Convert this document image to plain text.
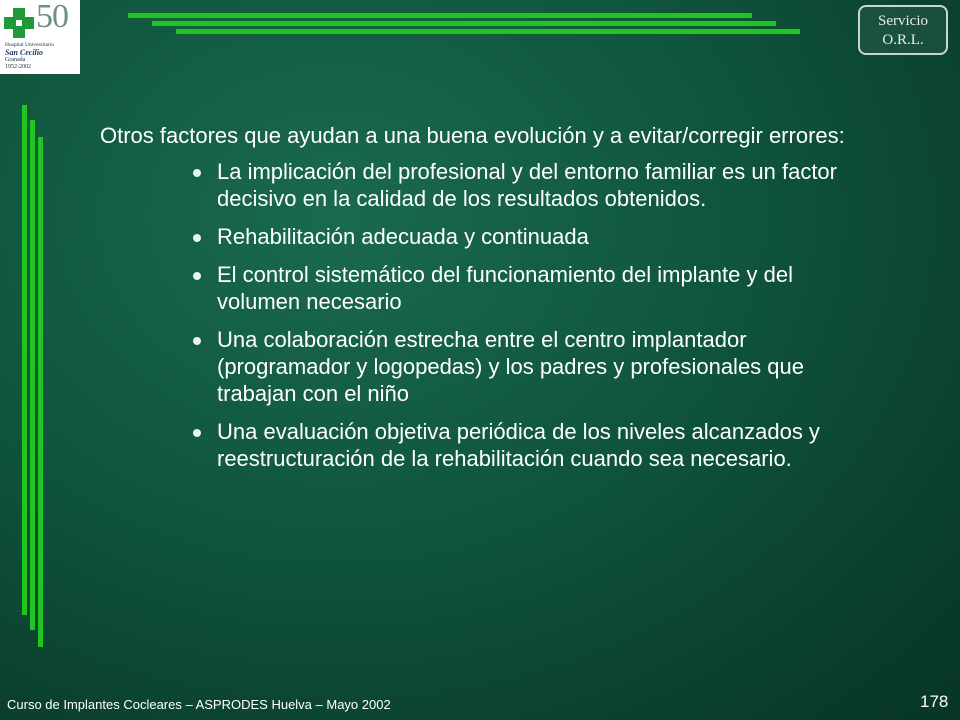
50
Hospital Universitario
San Cecilio
Granada
1952-2002
Servicio
O.R.L.

Otros factores que ayudan a una buena evolución y a evitar/corregir errores:

La implicación del profesional y del entorno familiar es un factor decisivo en la calidad de los resultados obtenidos.
Rehabilitación adecuada y continuada
El control sistemático del funcionamiento del implante y del volumen necesario
Una colaboración estrecha entre el centro implantador (programador y logopedas) y los padres y profesionales que trabajan con el niño
Una evaluación objetiva periódica de los niveles alcanzados y reestructuración de la rehabilitación cuando sea necesario.
Curso de Implantes Cocleares – ASPRODES Huelva – Mayo 2002	178
